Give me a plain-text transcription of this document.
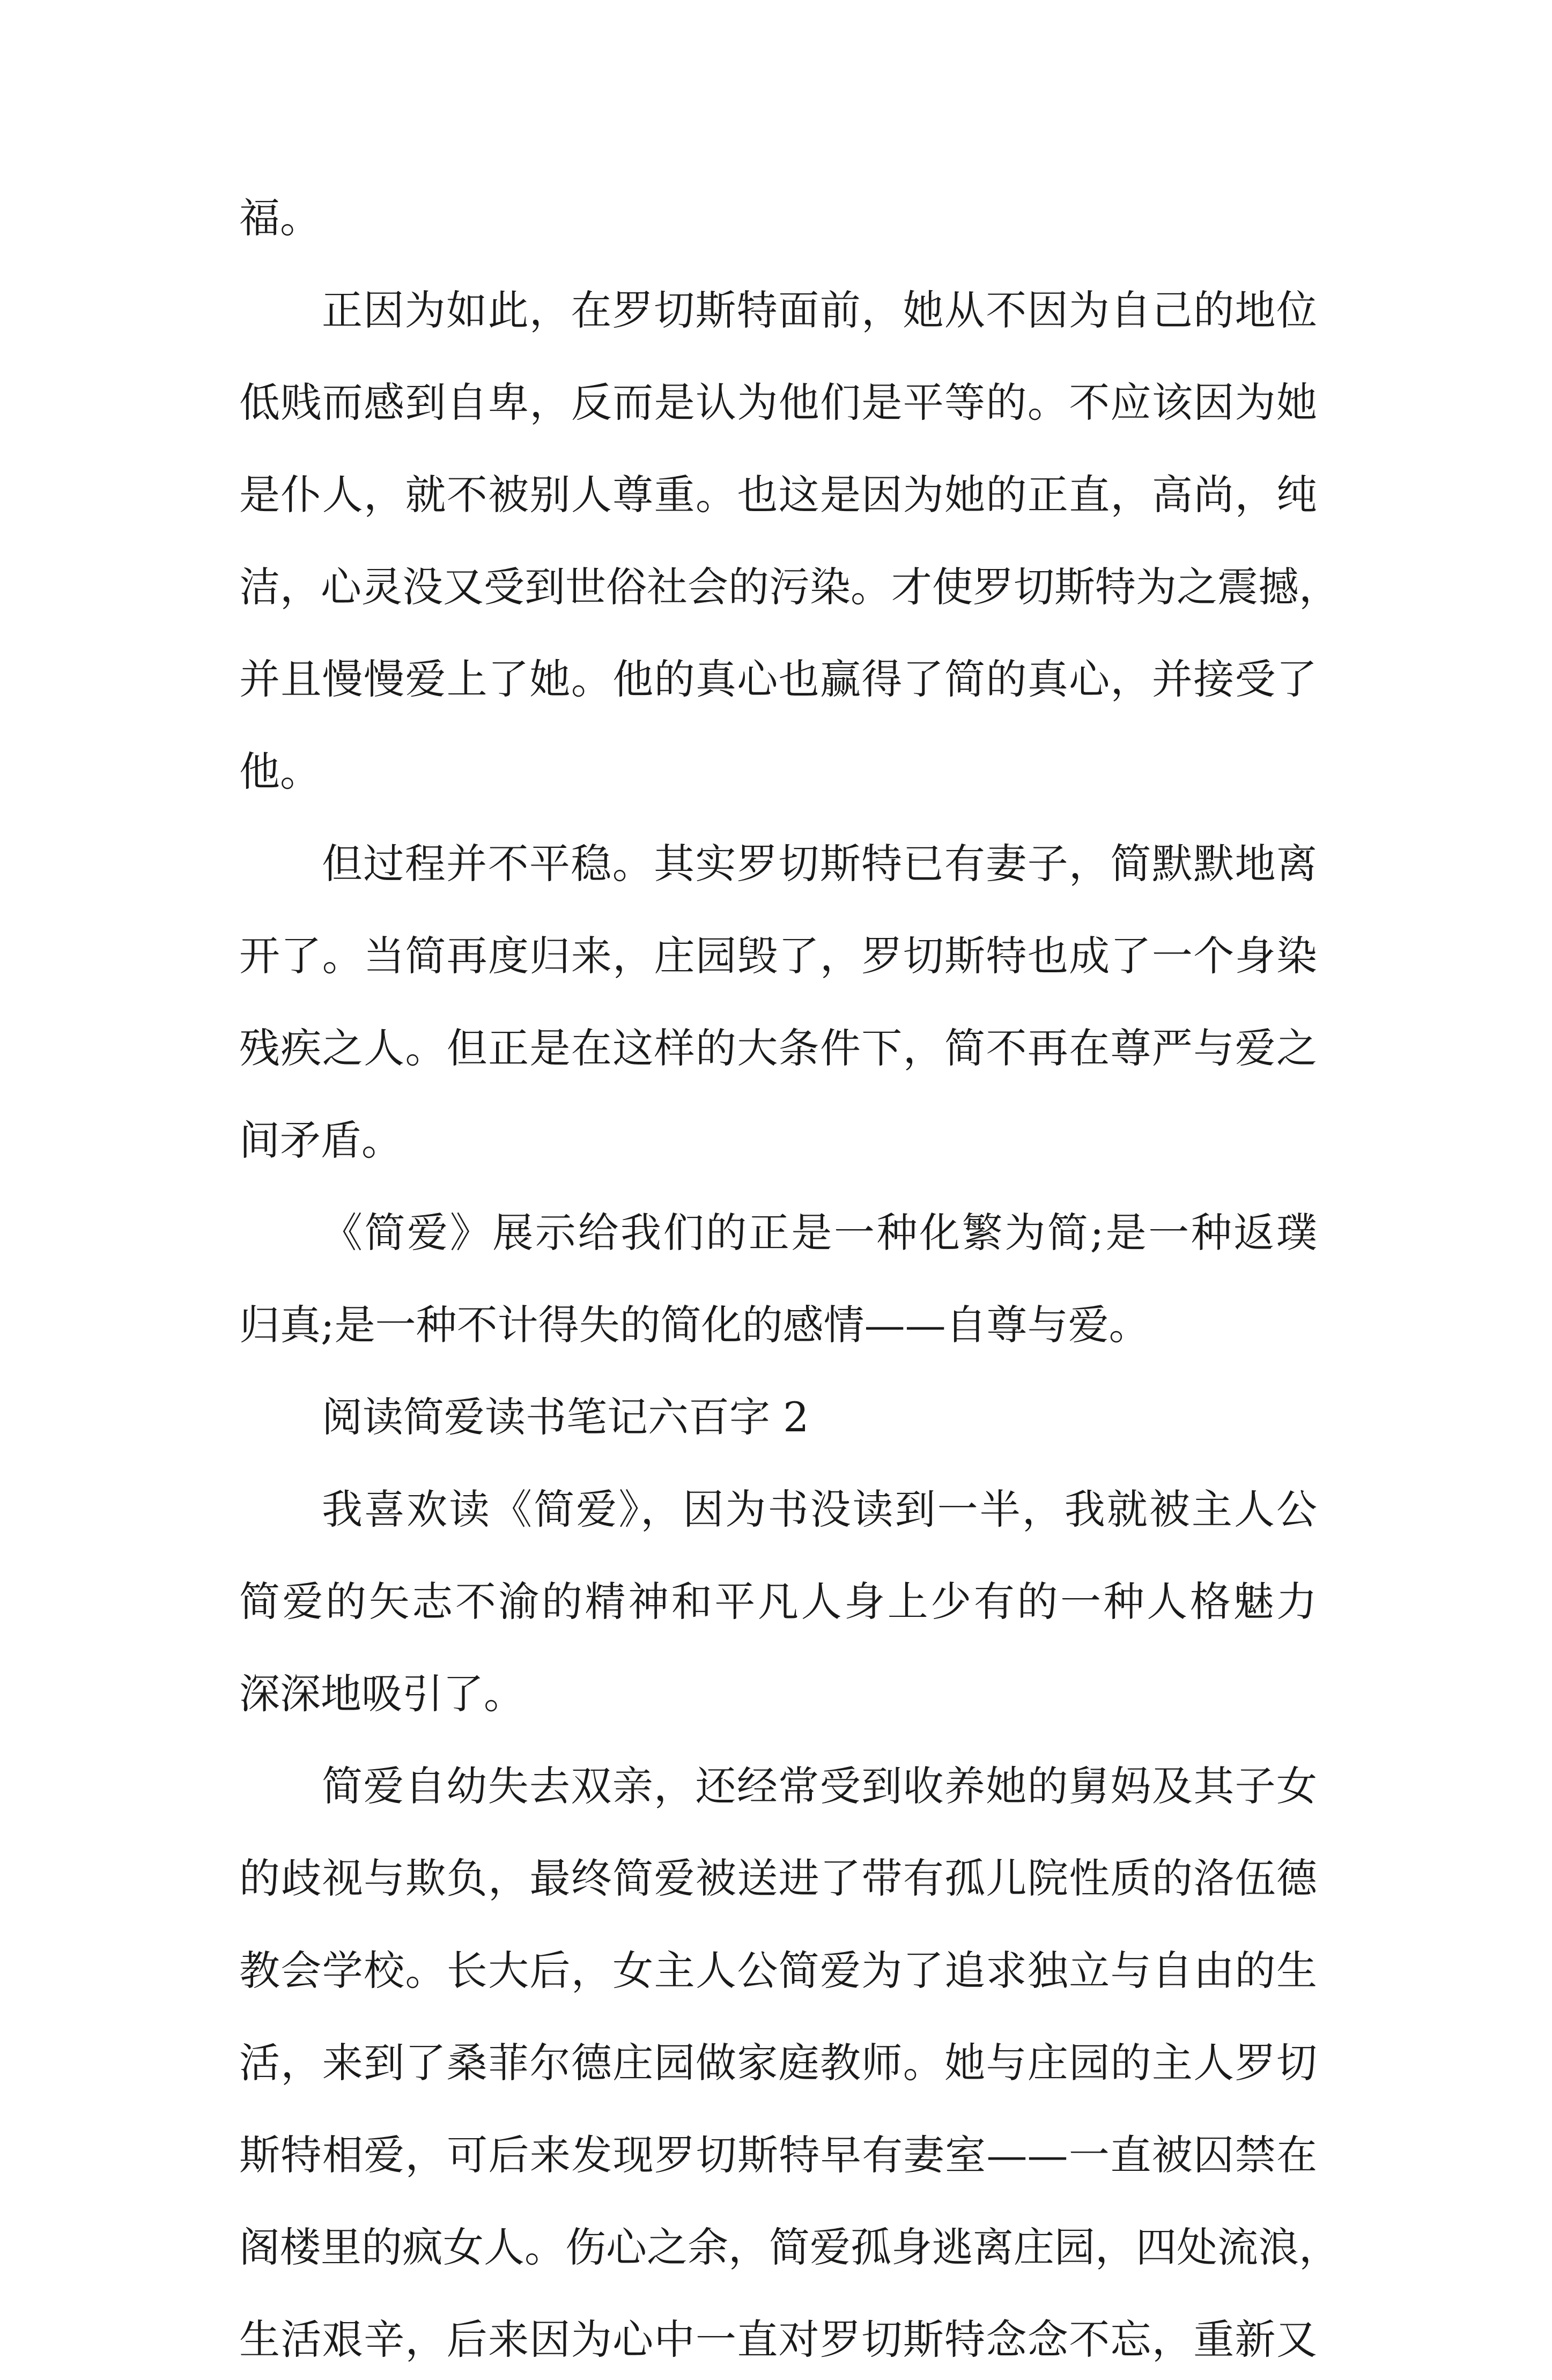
福。
正因为如此，在罗切斯特面前，她从不因为自己的地位
低贱而感到自卑，反而是认为他们是平等的。不应该因为她
是仆人，就不被别人尊重。也这是因为她的正直，高尚，纯
洁，心灵没又受到世俗社会的污染。才使罗切斯特为之震撼，
并且慢慢爱上了她。他的真心也赢得了简的真心，并接受了
他。
但过程并不平稳。其实罗切斯特已有妻子，简默默地离
开了。当简再度归来，庄园毁了，罗切斯特也成了一个身染
残疾之人。但正是在这样的大条件下，简不再在尊严与爱之
间矛盾。
《简爱》展示给我们的正是一种化繁为简;是一种返璞
归真;是一种不计得失的简化的感情——自尊与爱。
阅读简爱读书笔记六百字 2
我喜欢读《简爱》，因为书没读到一半，我就被主人公
简爱的矢志不渝的精神和平凡人身上少有的一种人格魅力
深深地吸引了。
简爱自幼失去双亲，还经常受到收养她的舅妈及其子女
的歧视与欺负，最终简爱被送进了带有孤儿院性质的洛伍德
教会学校。长大后，女主人公简爱为了追求独立与自由的生
活，来到了桑菲尔德庄园做家庭教师。她与庄园的主人罗切
斯特相爱，可后来发现罗切斯特早有妻室——一直被囚禁在
阁楼里的疯女人。伤心之余，简爱孤身逃离庄园，四处流浪，
生活艰辛，后来因为心中一直对罗切斯特念念不忘，重新又
